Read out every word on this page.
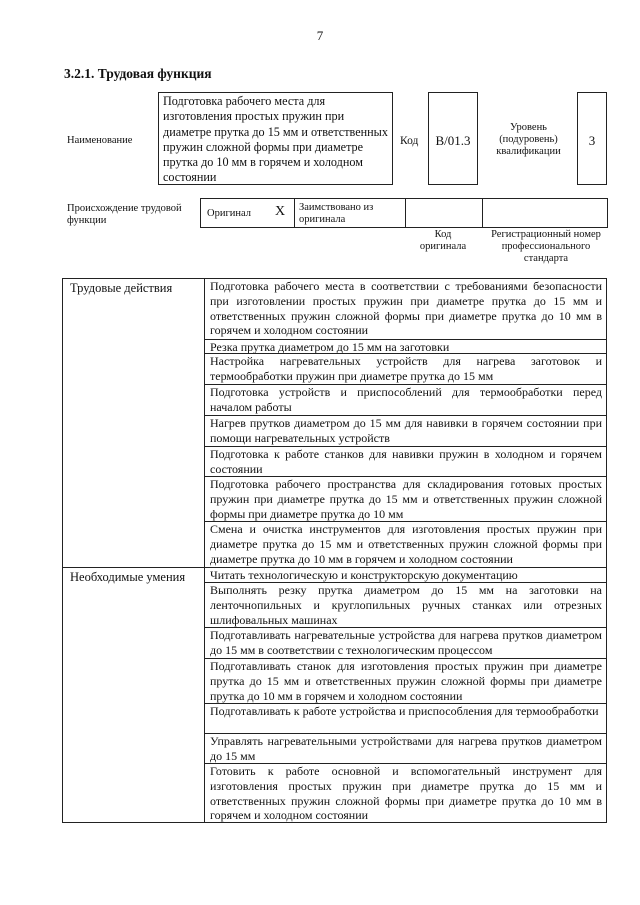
7
3.2.1. Трудовая функция
Наименование
Подготовка рабочего места для изготовления простых пружин при диаметре прутка до 15 мм и ответственных пружин сложной формы при диаметре прутка до 10 мм в горячем и холодном состоянии
Код	B/01.3
Уровень (подуровень) квалификации
3
Происхождение трудовой функции
Оригинал X Заимствовано из оригинала
Код оригинала
Регистрационный номер профессионального стандарта
Трудовые действия
Необходимые умения
Подготовка рабочего места в соответствии с требованиями безопасности при изготовлении простых пружин при диаметре прутка до 15 мм и ответственных пружин сложной формы при диаметре прутка до 10 мм в горячем и холодном состоянии
Резка прутка диаметром до 15 мм на заготовки
Настройка нагревательных устройств для нагрева заготовок и термообработки пружин при диаметре прутка до 15 мм
Подготовка устройств и приспособлений для термообработки перед началом работы
Нагрев прутков диаметром до 15 мм для навивки в горячем состоянии при помощи нагревательных устройств
Подготовка к работе станков для навивки пружин в холодном и горячем состоянии
Подготовка рабочего пространства для складирования готовых простых пружин при диаметре прутка до 15 мм и ответственных пружин сложной формы при диаметре прутка до 10 мм
Смена и очистка инструментов для изготовления простых пружин при диаметре прутка до 15 мм и ответственных пружин сложной формы при диаметре прутка до 10 мм в горячем и холодном состоянии
Читать технологическую и конструкторскую документацию
Выполнять резку прутка диаметром до 15 мм на заготовки на ленточнопильных и круглопильных ручных станках или отрезных шлифовальных машинах
Подготавливать нагревательные устройства для нагрева прутков диаметром до 15 мм в соответствии с технологическим процессом
Подготавливать станок для изготовления простых пружин при диаметре прутка до 15 мм и ответственных пружин сложной формы при диаметре прутка до 10 мм в горячем и холодном состоянии
Подготавливать к работе устройства и приспособления для термообработки
Управлять нагревательными устройствами для нагрева прутков диаметром до 15 мм
Готовить к работе основной и вспомогательный инструмент для изготовления простых пружин при диаметре прутка до 15 мм и ответственных пружин сложной формы при диаметре прутка до 10 мм в горячем и холодном состоянии
